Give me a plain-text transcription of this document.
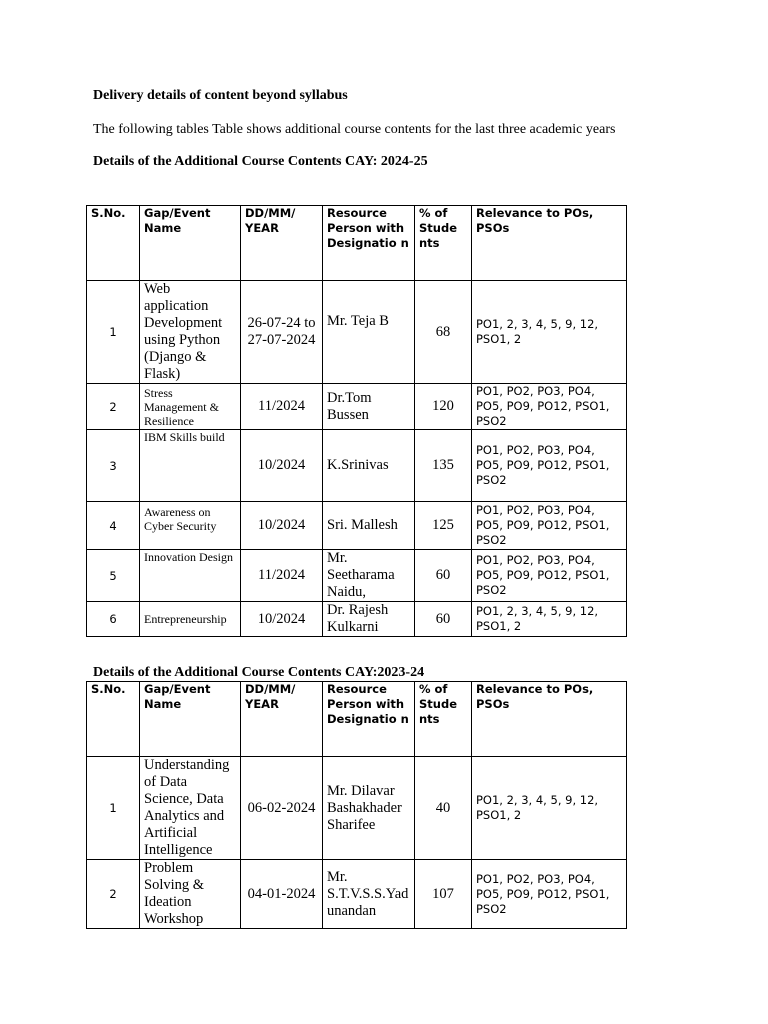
Delivery details of content beyond syllabus
The following tables Table shows additional course contents for the last three academic years
Details of the Additional Course Contents CAY: 2024-25
S.No.	Gap/Event Name	DD/MM/ YEAR	Resource Person with Designatio n	% of Stude nts	Relevance to POs, PSOs
1	Web application Development using Python (Django & Flask)	26-07-24 to 27-07-2024	Mr. Teja B	68	PO1, 2, 3, 4, 5, 9, 12, PSO1, 2
2	Stress Management & Resilience	11/2024	Dr.Tom Bussen	120	PO1, PO2, PO3, PO4, PO5, PO9, PO12, PSO1, PSO2
3	IBM Skills build	10/2024	K.Srinivas	135	PO1, PO2, PO3, PO4, PO5, PO9, PO12, PSO1, PSO2
4	Awareness on Cyber Security	10/2024	Sri. Mallesh	125	PO1, PO2, PO3, PO4, PO5, PO9, PO12, PSO1, PSO2
5	Innovation Design	11/2024	Mr. Seetharama Naidu,	60	PO1, PO2, PO3, PO4, PO5, PO9, PO12, PSO1, PSO2
6	Entrepreneurship	10/2024	Dr. Rajesh Kulkarni	60	PO1, 2, 3, 4, 5, 9, 12, PSO1, 2
Details of the Additional Course Contents CAY:2023-24
S.No.	Gap/Event Name	DD/MM/ YEAR	Resource Person with Designatio n	% of Stude nts	Relevance to POs, PSOs
1	Understanding of Data Science, Data Analytics and Artificial Intelligence	06-02-2024	Mr. Dilavar Bashakhader Sharifee	40	PO1, 2, 3, 4, 5, 9, 12, PSO1, 2
2	Problem Solving & Ideation Workshop	04-01-2024	Mr. S.T.V.S.S.Yadunandan	107	PO1, PO2, PO3, PO4, PO5, PO9, PO12, PSO1, PSO2
